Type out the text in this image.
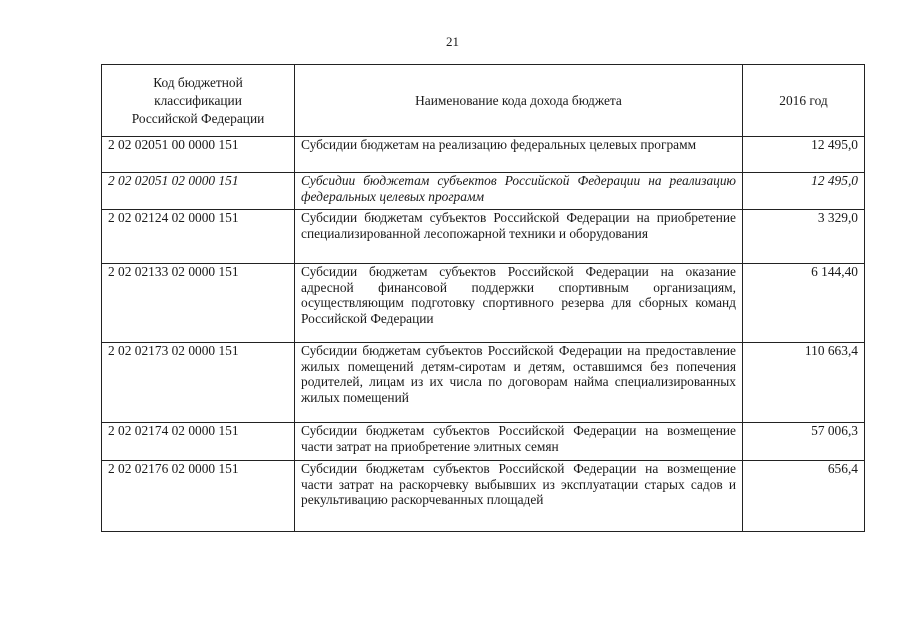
21
Код бюджетной
классификации
Российской Федерации	Наименование кода дохода бюджета	2016 год
2 02 02051 00 0000 151	Субсидии бюджетам на реализацию федеральных целевых программ	12 495,0
2 02 02051 02 0000 151	Субсидии бюджетам субъектов Российской Федерации на реализацию федеральных целевых программ	12 495,0
2 02 02124 02 0000 151	Субсидии бюджетам субъектов Российской Федерации на приобретение специализированной лесопожарной техники и оборудования	3 329,0
2 02 02133 02 0000 151	Субсидии бюджетам субъектов Российской Федерации на оказание адресной финансовой поддержки спортивным организациям, осуществляющим подготовку спортивного резерва для сборных команд Российской Федерации	6 144,40
2 02 02173 02 0000 151	Субсидии бюджетам субъектов Российской Федерации на предоставление жилых помещений детям-сиротам и детям, оставшимся без попечения родителей, лицам из их числа по договорам найма специализированных жилых помещений	110 663,4
2 02 02174 02 0000 151	Субсидии бюджетам субъектов Российской Федерации на возмещение части затрат на приобретение элитных семян	57 006,3
2 02 02176 02 0000 151	Субсидии бюджетам субъектов Российской Федерации на возмещение части затрат на раскорчевку выбывших из эксплуатации старых садов и рекультивацию раскорчеванных площадей	656,4
